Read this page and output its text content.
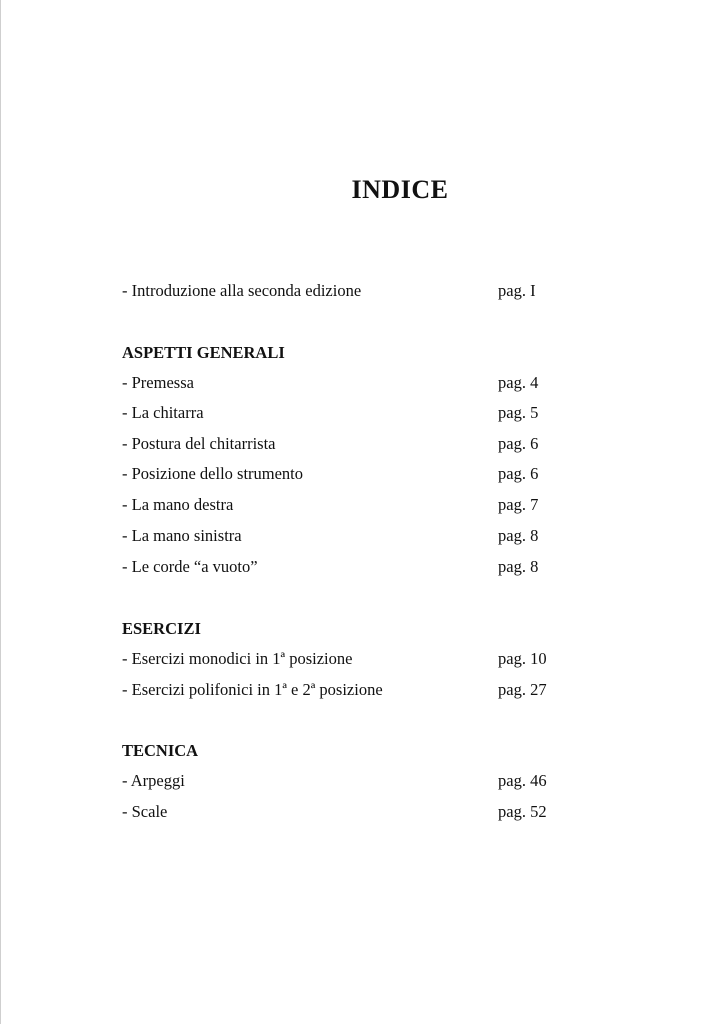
INDICE
- Introduzione alla seconda edizione	pag. I
ASPETTI GENERALI
- Premessa	pag. 4
- La chitarra	pag. 5
- Postura del chitarrista	pag. 6
- Posizione dello strumento	pag. 6
- La mano destra	pag. 7
- La mano sinistra	pag. 8
- Le corde “a vuoto”	pag. 8
ESERCIZI
- Esercizi monodici in 1ª posizione	pag. 10
- Esercizi polifonici in 1ª e 2ª posizione	pag. 27
TECNICA
- Arpeggi	pag. 46
- Scale	pag. 52
